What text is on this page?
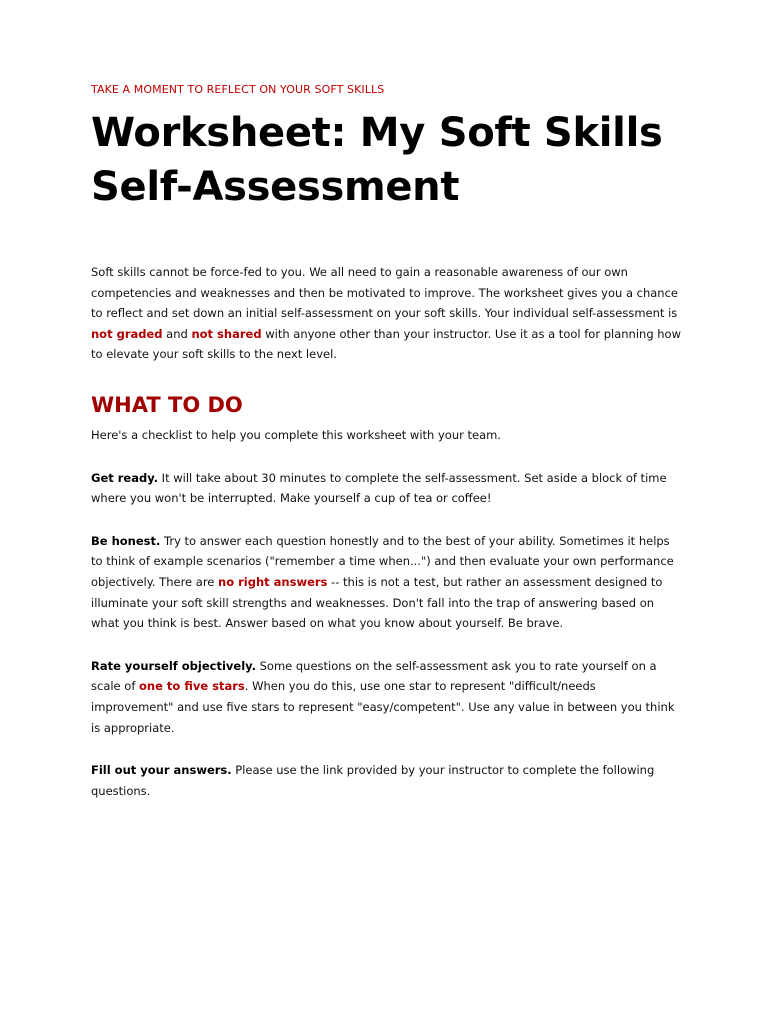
TAKE A MOMENT TO REFLECT ON YOUR SOFT SKILLS

Worksheet: My Soft Skills Self-Assessment

Soft skills cannot be force-fed to you. We all need to gain a reasonable awareness of our own competencies and weaknesses and then be motivated to improve. The worksheet gives you a chance to reflect and set down an initial self-assessment on your soft skills. Your individual self-assessment is not graded and not shared with anyone other than your instructor. Use it as a tool for planning how to elevate your soft skills to the next level.

WHAT TO DO

Here's a checklist to help you complete this worksheet with your team.

Get ready. It will take about 30 minutes to complete the self-assessment. Set aside a block of time where you won't be interrupted. Make yourself a cup of tea or coffee!

Be honest. Try to answer each question honestly and to the best of your ability. Sometimes it helps to think of example scenarios ("remember a time when...") and then evaluate your own performance objectively. There are no right answers -- this is not a test, but rather an assessment designed to illuminate your soft skill strengths and weaknesses. Don't fall into the trap of answering based on what you think is best. Answer based on what you know about yourself. Be brave.

Rate yourself objectively. Some questions on the self-assessment ask you to rate yourself on a scale of one to five stars. When you do this, use one star to represent "difficult/needs improvement" and use five stars to represent "easy/competent". Use any value in between you think is appropriate.

Fill out your answers. Please use the link provided by your instructor to complete the following questions.
